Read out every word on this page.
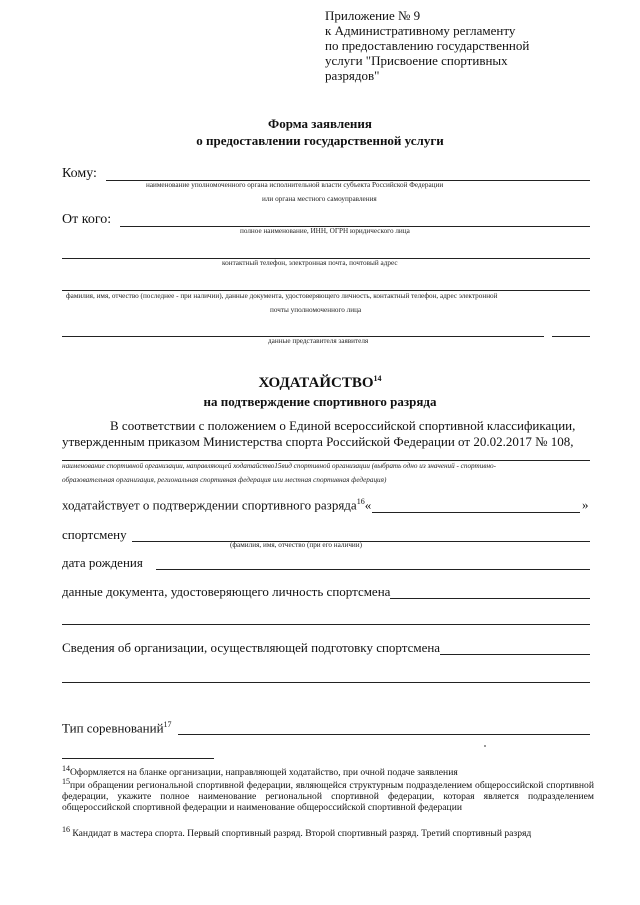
Приложение № 9
к Административному регламенту
по предоставлению государственной
услуги "Присвоение спортивных
разрядов"
Форма заявления
о предоставлении государственной услуги
Кому:
наименование уполномоченного органа исполнительной власти субъекта Российской Федерации
или органа местного самоуправления
От кого:
полное наименование, ИНН, ОГРН юридического лица
контактный телефон, электронная почта, почтовый адрес
фамилия, имя, отчество (последнее - при наличии), данные документа, удостоверяющего личность, контактный телефон, адрес электронной
почты уполномоченного лица
данные представителя заявителя
ХОДАТАЙСТВО$^{14}$
на подтверждение спортивного разряда
В соответствии с положением о Единой всероссийской спортивной классификации,
утвержденным приказом Министерства спорта Российской Федерации от 20.02.2017 № 108,
наименование спортивной организации, направляющей ходатайство15вид спортивной организации (выбрать одно из значений - спортивно-
образовательная организация, региональная спортивная федерация или местная спортивная федерация)
ходатайствует о подтверждении спортивного разряда$^{16}$«	»
спортсмену
(фамилия, имя, отчество (при его наличии)
дата рождения
данные документа, удостоверяющего личность спортсмена
Сведения об организации, осуществляющей подготовку спортсмена
Тип соревнований$^{17}$
$^{14}$Оформляется на бланке организации, направляющей ходатайство, при очной подаче заявления
$^{15}$при обращении региональной спортивной федерации, являющейся структурным подразделением общероссийской спортивной федерации, укажите полное наименование региональной спортивной федерации, которая является подразделением общероссийской спортивной федерации и наименование общероссийской спортивной федерации
$^{16}$ Кандидат в мастера спорта. Первый спортивный разряд. Второй спортивный разряд. Третий спортивный разряд
